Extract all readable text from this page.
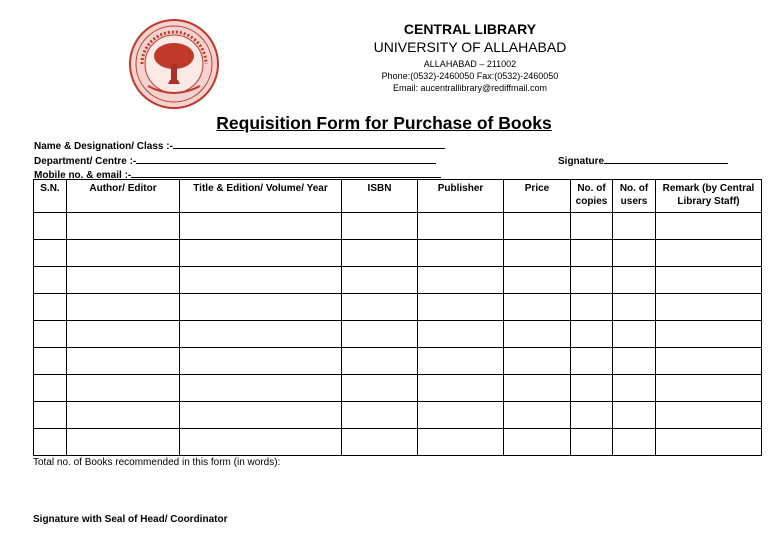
CENTRAL LIBRARY
UNIVERSITY OF ALLAHABAD
ALLAHABAD – 211002
Phone:(0532)-2460050 Fax:(0532)-2460050
Email: aucentrallibrary@rediffmail.com
Requisition Form for Purchase of Books
Name & Designation/ Class :-
Department/ Centre :-
Mobile no. & email :-
Signature
S.N.	Author/ Editor	Title & Edition/ Volume/ Year	ISBN	Publisher	Price	No. of copies	No. of users	Remark (by Central Library Staff)

Total no. of Books recommended in this form (in words):
Signature with Seal of Head/ Coordinator
